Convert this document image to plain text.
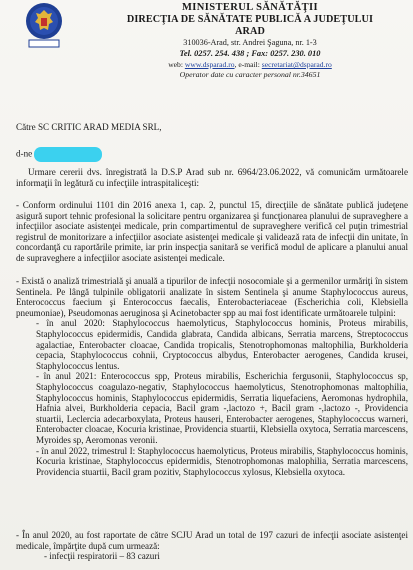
MINISTERUL SĂNĂTĂŢII
DIRECŢIA DE SĂNĂTATE PUBLICĂ A JUDEŢULUI ARAD
310036-Arad, str. Andrei Şaguna, nr. 1-3
Tel. 0257. 254. 438 ; Fax: 0257. 230. 010
web: www.dsparad.ro, e-mail: secretariat@dsparad.ro
Operator date cu caracter personal nr.34651
Către SC CRITIC ARAD MEDIA SRL,
d-ne

Urmare cererii dvs. înregistrată la D.S.P Arad sub nr. 6964/23.06.2022, vă comunicăm următoarele informaţii în legătură cu infecţiile intraspitaliceşti:

- Conform ordinului 1101 din 2016 anexa 1, cap. 2, punctul 15, direcţiile de sănătate publică judeţene asigură suport tehnic profesional la solicitare pentru organizarea şi funcţionarea planului de supraveghere a infecţiilor asociate asistenţei medicale, prin compartimentul de supraveghere verifică cel puţin trimestrial registrul de monitorizare a infecţiilor asociate asistenţei medicale şi validează rata de infecţii din unitate, în concordanţă cu raportările primite, iar prin inspecţia sanitară se verifică modul de aplicare a planului anual de supraveghere a infecţiilor asociate asistenţei medicale.

- Există o analiză trimestrială şi anuală a tipurilor de infecţii nosocomiale şi a germenilor urmăriţi în sistem Sentinela. Pe lângă tulpinile obligatorii analizate în sistem Sentinela şi anume Staphylococcus aureus, Enterococcus faecium şi Enterococcus faecalis, Enterobacteriaceae (Escherichia coli, Klebsiella pneumoniae), Pseudomonas aeruginosa şi Acinetobacter spp au mai fost identificate următoarele tulpini:

- în anul 2020: Staphylococcus haemolyticus, Staphylococcus hominis, Proteus mirabilis, Staphylococcus epidermidis, Candida glabrata, Candida albicans, Serratia marcens, Streptococcus agalactiae, Enterobacter cloacae, Candida tropicalis, Stenotrophomonas maltophilia, Burkholderia cepacia, Staphylococcus cohnii, Cryptococcus albydus, Enterobacter aerogenes, Candida krusei, Staphylococcus lentus.

- în anul 2021: Enterococcus spp, Proteus mirabilis, Escherichia fergusonii, Staphylococcus sp, Staphylococcus coagulazo-negativ, Staphylococcus haemolyticus, Stenotrophomonas maltophilia, Staphylococcus hominis, Staphylococcus epidermidis, Serratia liquefaciens, Aeromonas hydrophila, Hafnia alvei, Burkholderia cepacia, Bacil gram -,lactozo +, Bacil gram -,lactozo -, Providencia stuartii, Leclercia adecarboxylata, Proteus hauseri, Enterobacter aerogenes, Staphylococcus warneri, Enterobacter cloacae, Kocuria kristinae, Providencia stuartii, Klebsiella oxytoca, Serratia marcescens, Myroides sp, Aeromonas veronii.

- în anul 2022, trimestrul I: Staphylococcus haemolyticus, Proteus mirabilis, Staphylococcus hominis, Kocuria kristinae, Staphylococcus epidermidis, Stenotrophomonas malophilia, Serratia marcescens, Providencia stuartii, Bacil gram pozitiv, Staphylococcus xylosus, Klebsiella oxytoca.

- În anul 2020, au fost raportate de către SCJU Arad un total de 197 cazuri de infecţii asociate asistenţei medicale, împărţite după cum urmează:

- infecţii respiratorii – 83 cazuri
